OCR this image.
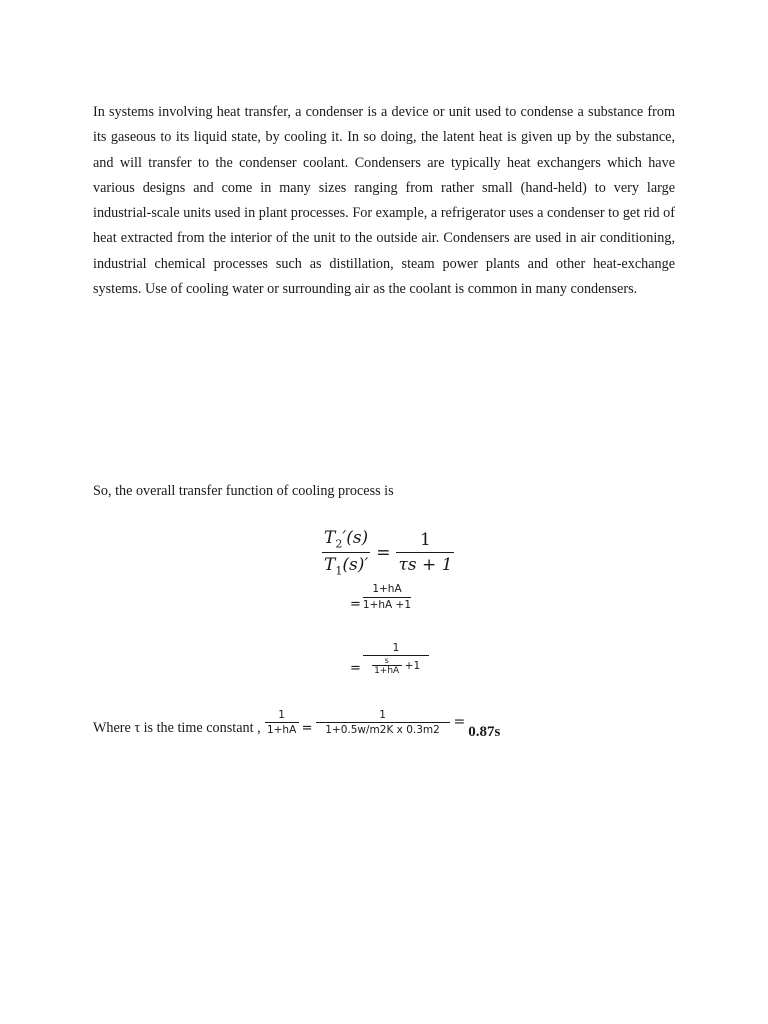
In systems involving heat transfer, a condenser is a device or unit used to condense a substance from its gaseous to its liquid state, by cooling it. In so doing, the latent heat is given up by the substance, and will transfer to the condenser coolant. Condensers are typically heat exchangers which have various designs and come in many sizes ranging from rather small (hand-held) to very large industrial-scale units used in plant processes. For example, a refrigerator uses a condenser to get rid of heat extracted from the interior of the unit to the outside air. Condensers are used in air conditioning, industrial chemical processes such as distillation, steam power plants and other heat-exchange systems. Use of cooling water or surrounding air as the coolant is common in many condensers.

So, the overall transfer function of cooling process is

$\frac{T_2'(s)}{T_1(s)'} = \frac{1}{\tau s + 1}$
= $\frac{1+hA}{1+hA +1}$
= $\frac{1}{\frac{s}{1+hA} +1}$
Where τ is the time constant , $\frac{1}{1+hA} = \frac{1}{\text{1+0.5w/m2K x 0.3m2}}$ =
0.87s
